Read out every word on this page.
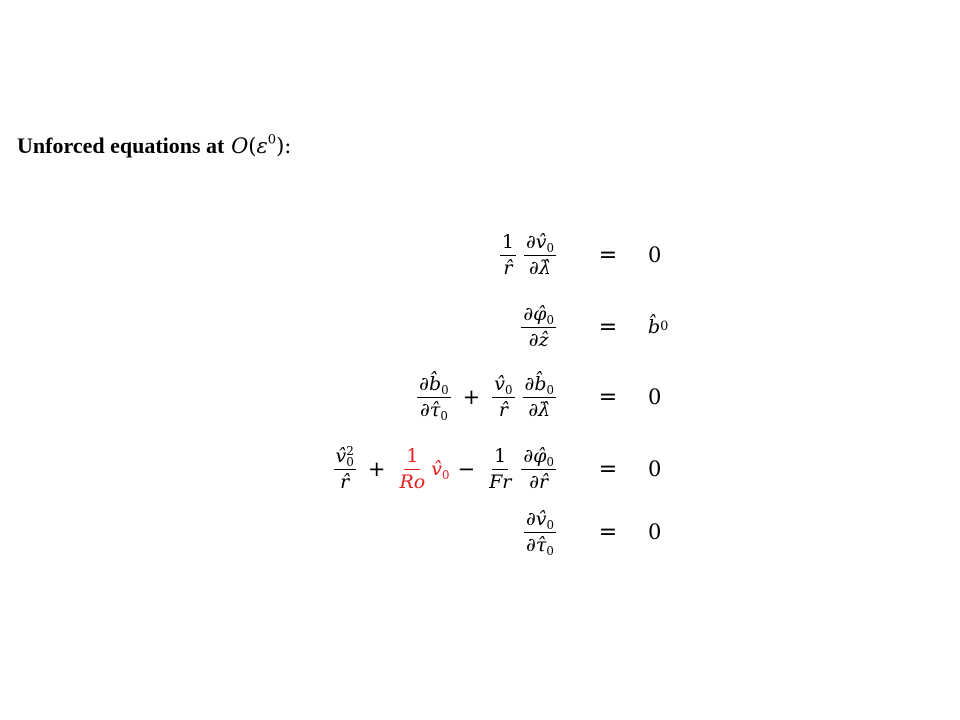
Unforced equations at $O(\varepsilon^0)$:
$\frac{1}{r̂} \frac{\partial v̂_0}{\partial\lambdâ} = 0$
$\frac{\partial\varphî_0}{\text{∂ẑ}}$ = b̂ 0
$\frac{\partial b̂_0}{\partial\taû_0} + \frac{v̂_0}{r̂} \frac{\partial b̂_0}{\partial\lambdâ} = 0$
v̂ 2
0
r̂ + $\frac{1}{Ro}$ $v̂_0 - \frac{1}{Fr} \frac{\partial\varphî_0}{\partial r̂} = 0$
$\frac{\partial v̂_0}{\partial\taû_0} = 0$
